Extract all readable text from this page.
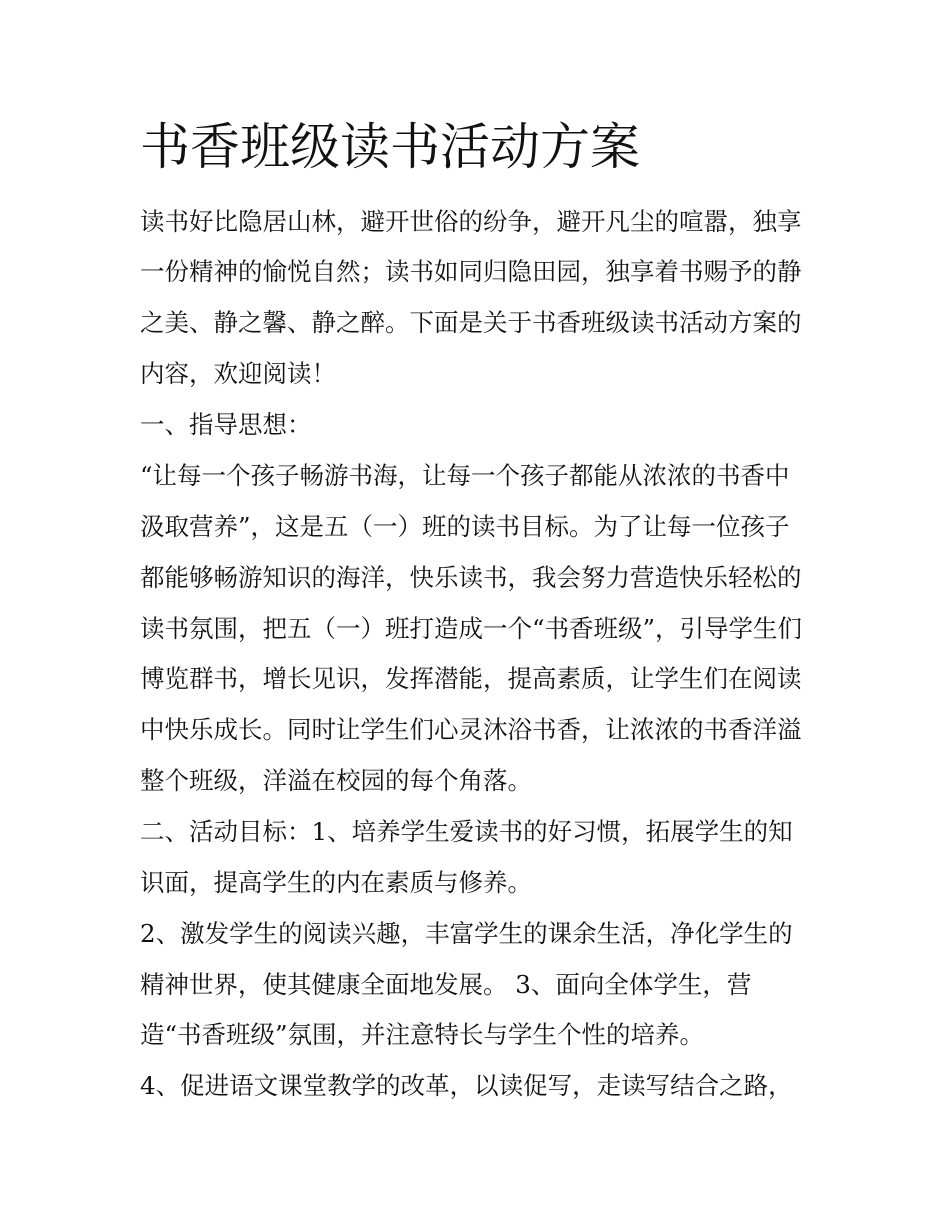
书香班级读书活动方案
读书好比隐居山林，避开世俗的纷争，避开凡尘的喧嚣，独享
一份精神的愉悦自然；读书如同归隐田园，独享着书赐予的静
之美、静之馨、静之醉。下面是关于书香班级读书活动方案的
内容，欢迎阅读！
一、指导思想：
“让每一个孩子畅游书海，让每一个孩子都能从浓浓的书香中
汲取营养”，这是五（一）班的读书目标。为了让每一位孩子
都能够畅游知识的海洋，快乐读书，我会努力营造快乐轻松的
读书氛围，把五（一）班打造成一个“书香班级”，引导学生们
博览群书，增长见识，发挥潜能，提高素质，让学生们在阅读
中快乐成长。同时让学生们心灵沐浴书香，让浓浓的书香洋溢
整个班级，洋溢在校园的每个角落。
二、活动目标：1、培养学生爱读书的好习惯，拓展学生的知
识面，提高学生的内在素质与修养。
2、激发学生的阅读兴趣，丰富学生的课余生活，净化学生的
精神世界，使其健康全面地发展。 3、面向全体学生，营
造“书香班级”氛围，并注意特长与学生个性的培养。
4、促进语文课堂教学的改革，以读促写，走读写结合之路，
